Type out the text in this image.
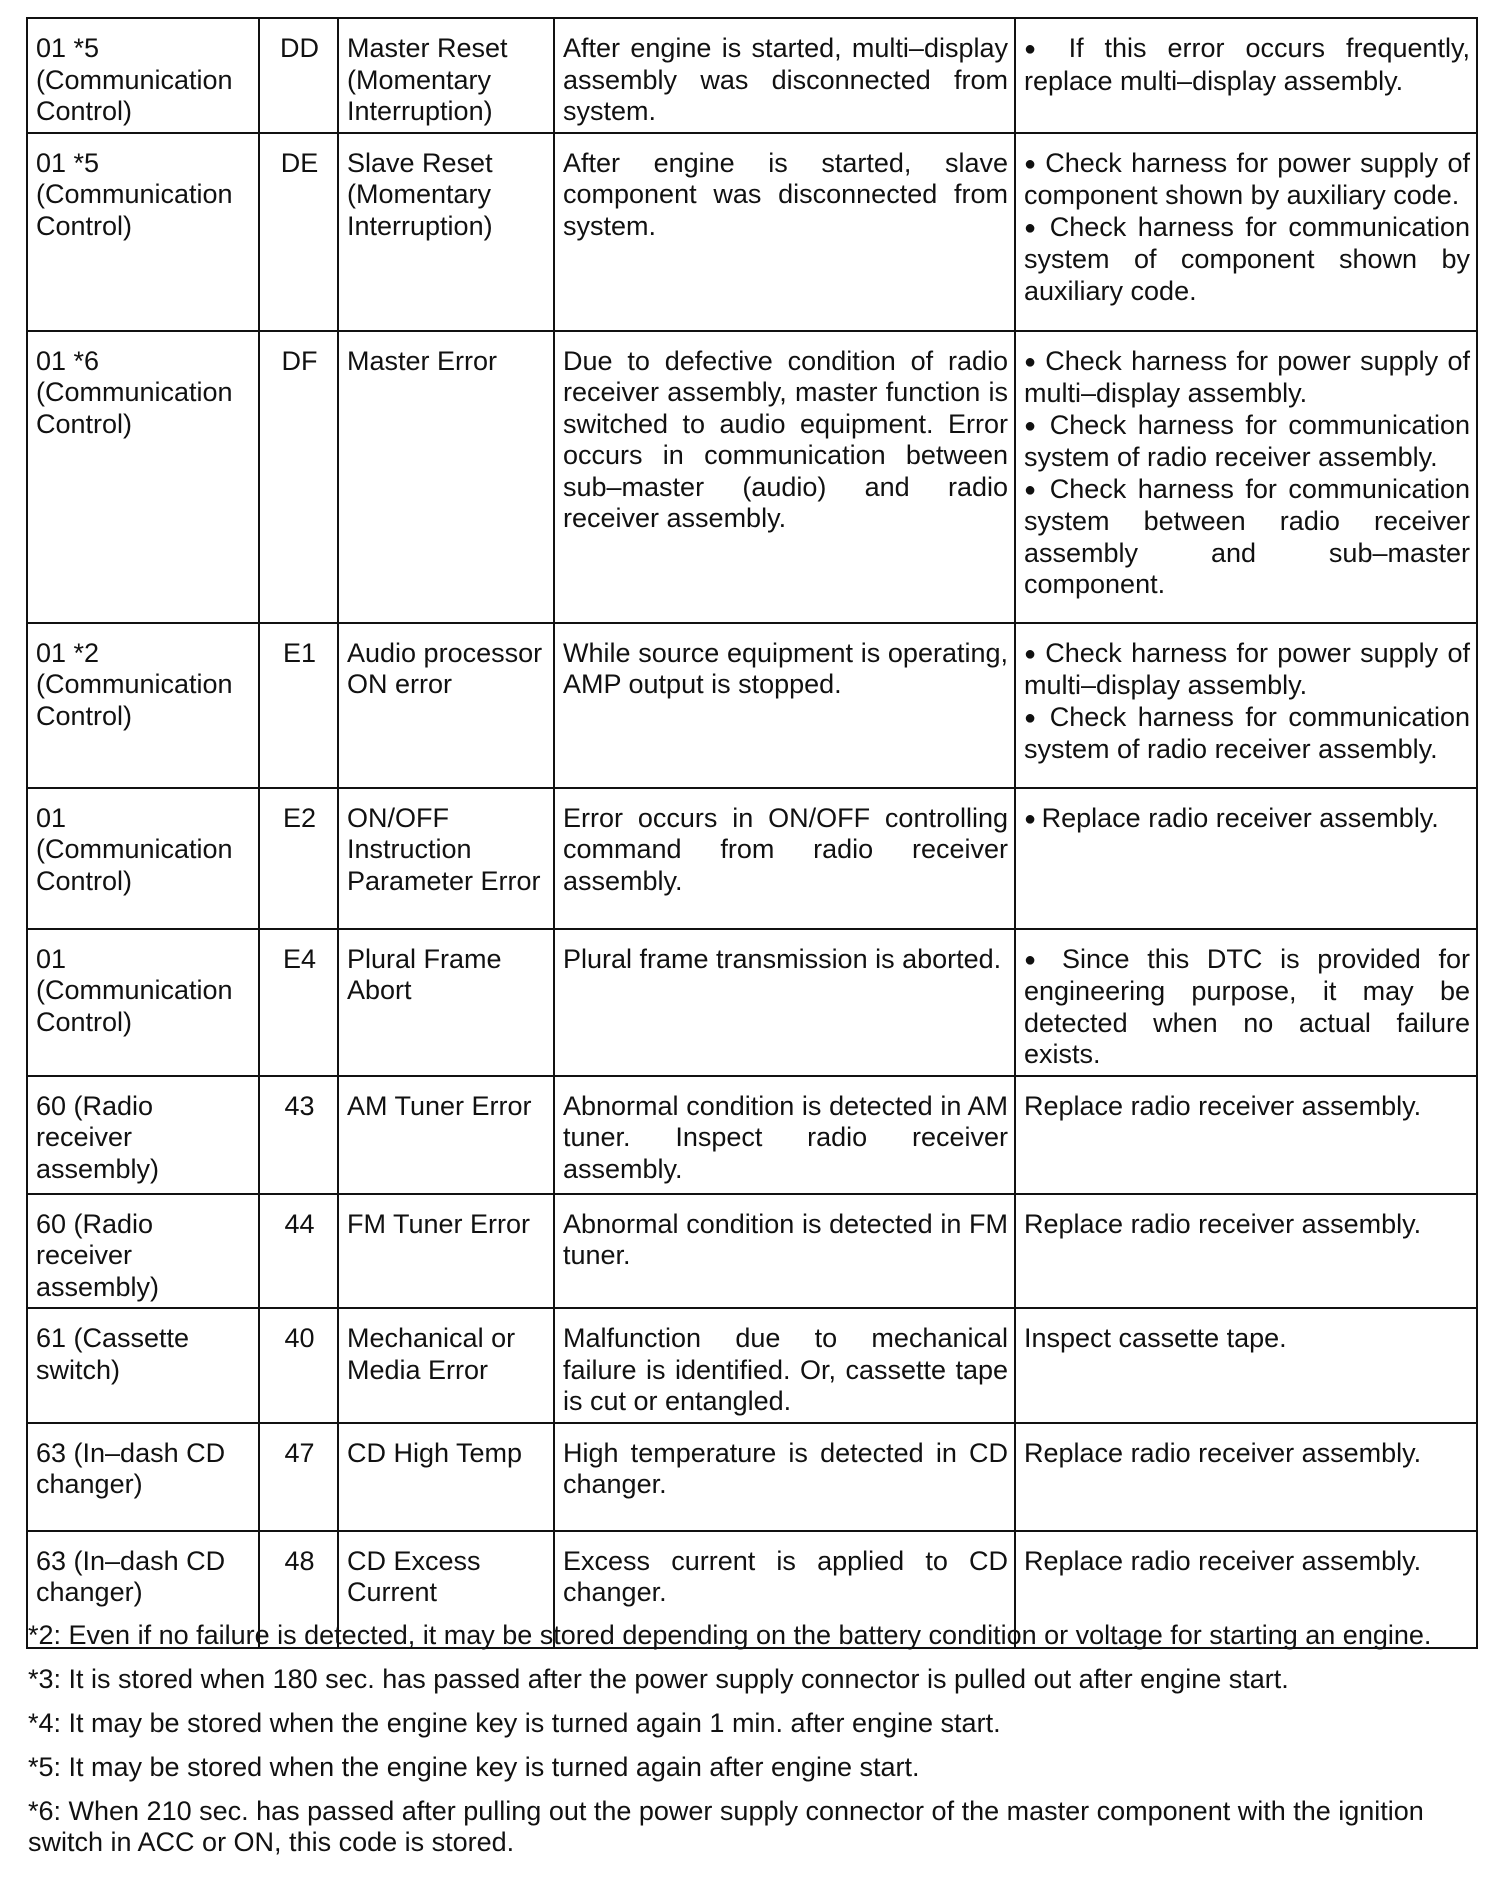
01 *5 (Communication Control)	DD	Master Reset (Momentary Interruption)	After engine is started, multi–display assembly was disconnected from system.	● If this error occurs frequently, replace multi–display assembly.

01 *5 (Communication Control)	DE	Slave Reset (Momentary Interruption)	After engine is started, slave component was disconnected from system.	● Check harness for power supply of component shown by auxiliary code.
● Check harness for communication system of component shown by auxiliary code.

01 *6 (Communication Control)	DF	Master Error	Due to defective condition of radio receiver assembly, master function is switched to audio equipment. Error occurs in communication between sub–master (audio) and radio receiver assembly.	● Check harness for power supply of multi–display assembly.
● Check harness for communication system of radio receiver assembly.
● Check harness for communication system between radio receiver assembly and sub–master component.

01 *2 (Communication Control)	E1	Audio processor ON error	While source equipment is operating, AMP output is stopped.	● Check harness for power supply of multi–display assembly.
● Check harness for communication system of radio receiver assembly.

01 (Communication Control)	E2	ON/OFF Instruction Parameter Error	Error occurs in ON/OFF controlling command from radio receiver assembly.	● Replace radio receiver assembly.

01 (Communication Control)	E4	Plural Frame Abort	Plural frame transmission is aborted.	● Since this DTC is provided for engineering purpose, it may be detected when no actual failure exists.

60 (Radio receiver assembly)	43	AM Tuner Error	Abnormal condition is detected in AM tuner. Inspect radio receiver assembly.	Replace radio receiver assembly.
60 (Radio receiver assembly)	44	FM Tuner Error	Abnormal condition is detected in FM tuner.	Replace radio receiver assembly.
61 (Cassette switch)	40	Mechanical or Media Error	Malfunction due to mechanical failure is identified. Or, cassette tape is cut or entangled.	Inspect cassette tape.
63 (In–dash CD changer)	47	CD High Temp	High temperature is detected in CD changer.	Replace radio receiver assembly.
63 (In–dash CD changer)	48	CD Excess Current	Excess current is applied to CD changer.	Replace radio receiver assembly.

*2: Even if no failure is detected, it may be stored depending on the battery condition or voltage for starting an engine.

*3: It is stored when 180 sec. has passed after the power supply connector is pulled out after engine start.

*4: It may be stored when the engine key is turned again 1 min. after engine start.

*5: It may be stored when the engine key is turned again after engine start.

*6: When 210 sec. has passed after pulling out the power supply connector of the master component with the ignition switch in ACC or ON, this code is stored.
